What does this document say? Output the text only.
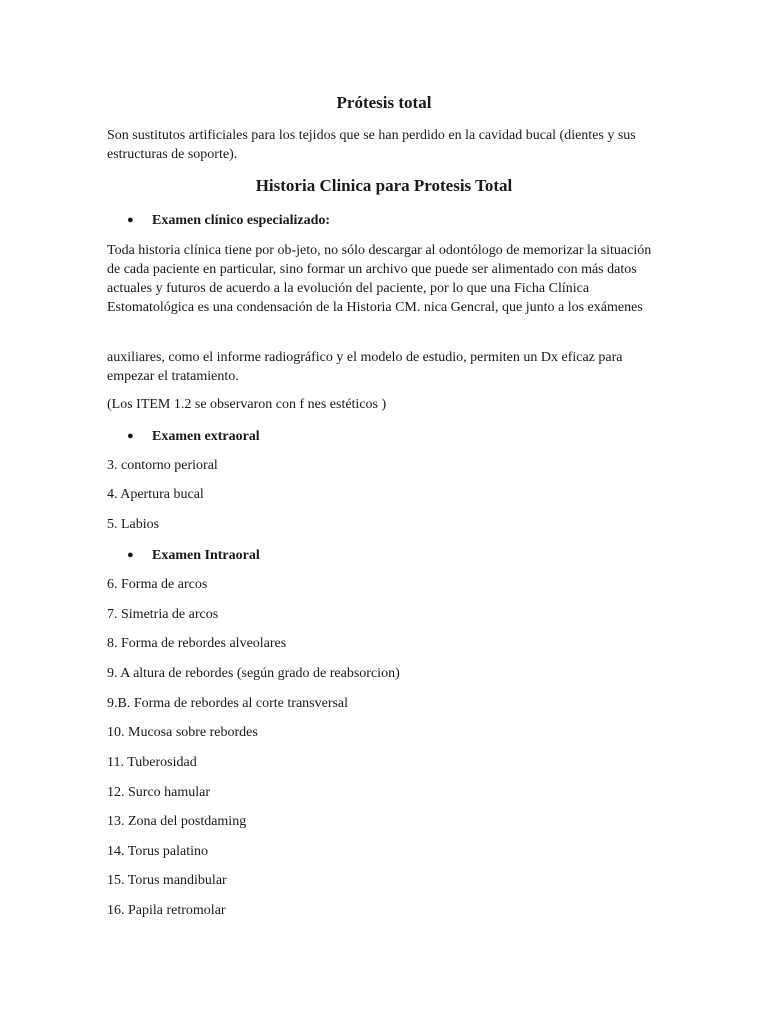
Prótesis total

Son sustitutos artificiales para los tejidos que se han perdido en la cavidad bucal (dientes y sus estructuras de soporte).

Historia Clinica para Protesis Total
● Examen clínico especializado:

Toda historia clínica tiene por ob-jeto, no sólo descargar al odontólogo de memorizar la situación de cada paciente en particular, sino formar un archivo que puede ser alimentado con más datos actuales y futuros de acuerdo a la evolución del paciente, por lo que una Ficha Clínica Estomatológica es una condensación de la Historia CM. nica Gencral, que junto a los exámenes

auxiliares, como el informe radiográfico y el modelo de estudio, permiten un Dx eficaz para empezar el tratamiento.

(Los ITEM 1.2 se observaron con f nes estéticos )

● Examen extraoral

3. contorno perioral

4. Apertura bucal

5. Labios

● Examen Intraoral

6. Forma de arcos

7. Simetria de arcos

8. Forma de rebordes alveolares

9. A altura de rebordes (según grado de reabsorcion)

9.B. Forma de rebordes al corte transversal

10. Mucosa sobre rebordes

11. Tuberosidad

12. Surco hamular

13. Zona del postdaming

14. Torus palatino

15. Torus mandibular

16. Papila retromolar
